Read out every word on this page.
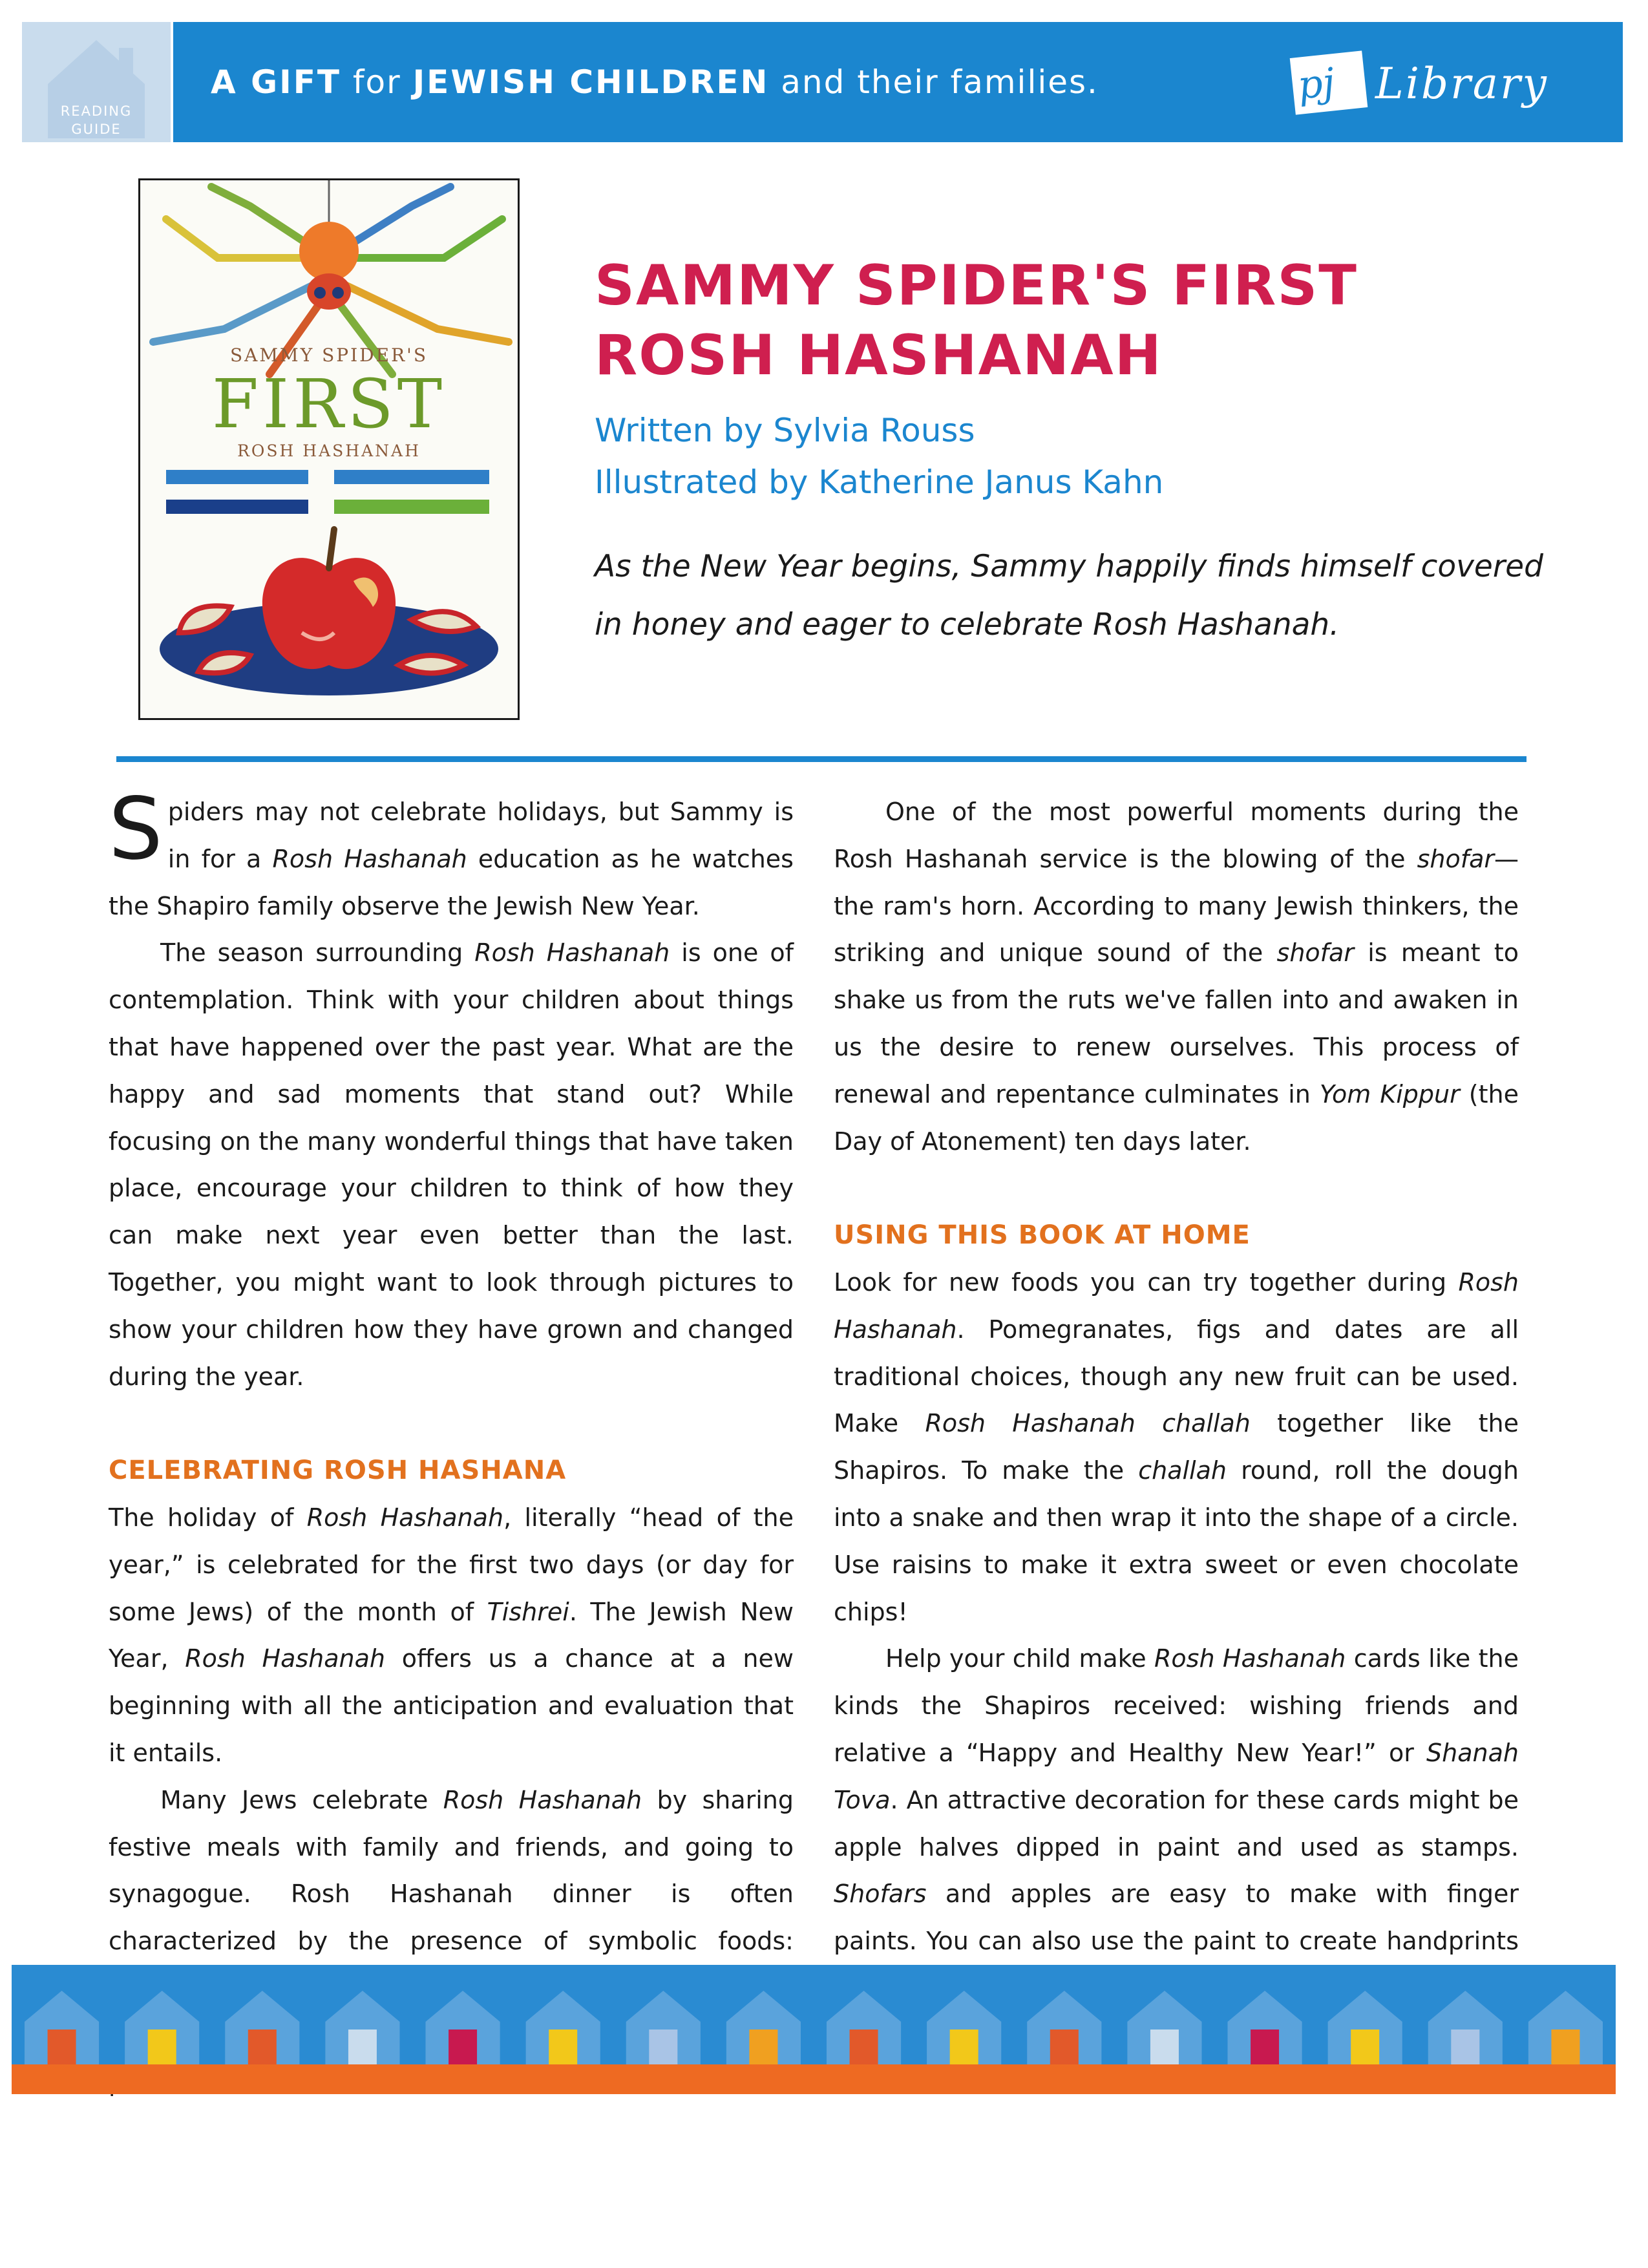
READING
GUIDE
A GIFT for JEWISH CHILDREN and their families.	pj Library
SAMMY SPIDER'S
FIRST
ROSH HASHANAH
SAMMY SPIDER'S FIRST
ROSH HASHANAH
Written by Sylvia Rouss
Illustrated by Katherine Janus Kahn
As the New Year begins, Sammy happily finds himself covered in honey and eager to celebrate Rosh Hashanah.

Spiders may not celebrate holidays, but Sammy is in for a Rosh Hashanah education as he watches the Shapiro family observe the Jewish New Year.

The season surrounding Rosh Hashanah is one of contemplation. Think with your children about things that have happened over the past year. What are the happy and sad moments that stand out? While focusing on the many wonderful things that have taken place, encourage your children to think of how they can make next year even better than the last. Together, you might want to look through pictures to show your children how they have grown and changed during the year.

CELEBRATING ROSH HASHANA

The holiday of Rosh Hashanah, literally “head of the year,” is celebrated for the first two days (or day for some Jews) of the month of Tishrei. The Jewish New Year, Rosh Hashanah offers us a chance at a new beginning with all the anticipation and evaluation that it entails.

Many Jews celebrate Rosh Hashanah by sharing festive meals with family and friends, and going to synagogue. Rosh Hashanah dinner is often characterized by the presence of symbolic foods:

One of the most powerful moments during the Rosh Hashanah service is the blowing of the shofar—the ram's horn. According to many Jewish thinkers, the striking and unique sound of the shofar is meant to shake us from the ruts we've fallen into and awaken in us the desire to renew ourselves. This process of renewal and repentance culminates in Yom Kippur (the Day of Atonement) ten days later.

USING THIS BOOK AT HOME

Look for new foods you can try together during Rosh Hashanah. Pomegranates, figs and dates are all traditional choices, though any new fruit can be used. Make Rosh Hashanah challah together like the Shapiros. To make the challah round, roll the dough into a snake and then wrap it into the shape of a circle. Use raisins to make it extra sweet or even chocolate chips!

Help your child make Rosh Hashanah cards like the kinds the Shapiros received: wishing friends and relative a “Happy and Healthy New Year!” or Shanah Tova. An attractive decoration for these cards might be apple halves dipped in paint and used as stamps. Shofars and apples are easy to make with finger paints. You can also use the paint to create handprints
